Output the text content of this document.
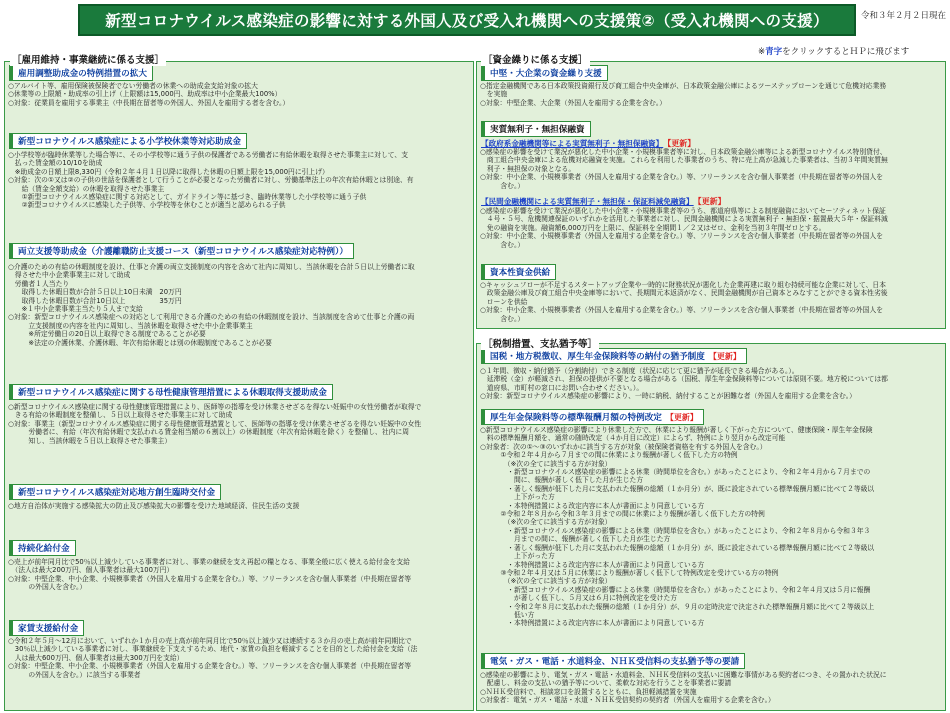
新型コロナウイルス感染症の影響に対する外国人及び受入れ機関への支援策②（受入れ機関への支援）	令和３年２月２日現在
［雇用維持・事業継続に係る支援］
雇用調整助成金の特例措置の拡大
○アルバイト等、雇用保険被保険者でない労働者の休業への助成金支給対象の拡大
○休業等の上限額・助成率の引上げ（上限額は15,000円、助成率は中小企業最大100%）
○対象：従業員を雇用する事業主（中長期在留者等の外国人、外国人を雇用する者を含む。）
新型コロナウイルス感染症による小学校休業等対応助成金
○小学校等が臨時休業等した場合等に、その小学校等に通う子供の保護者である労働者に有給休暇を取得させた事業主に対して、支
　払った賃金額の10/10を助成
　※助成金の日額上限8,330円（令和２年４月１日以降に取得した休暇の日額上限を15,000円に引上げ）
○対象：次の①又は②の子供の世話を保護者として行うことが必要となった労働者に対し、労働基準法上の年次有給休暇とは別途、有
　　給（賃金全額支給）の休暇を取得させた事業主
　　①新型コロナウイルス感染症に関する対応として、ガイドライン等に基づき、臨時休業等した小学校等に通う子供
　　②新型コロナウイルスに感染した子供等、小学校等を休むことが適当と認められる子供
両立支援等助成金（介護離職防止支援コース（新型コロナウイルス感染症対応特例））
○介護のための有給の休暇制度を設け、仕事と介護の両立支援制度の内容を含めて社内に周知し、当該休暇を合計５日以上労働者に取
　得させた中小企業事業主に対して助成
　労働者１人当たり
　　取得した休暇日数が合計５日以上10日未満　20万円
　　取得した休暇日数が合計10日以上　　　　　35万円
　　※１中小企業事業主当たり５人まで支給
○対象：新型コロナウイルス感染症への対応として利用できる介護のための有給の休暇制度を設け、当該制度を含めて仕事と介護の両
　　　立支援制度の内容を社内に周知し、当該休暇を取得させた中小企業事業主
　　　※所定労働日の20日以上取得できる制度であることが必要
　　　※法定の介護休業、介護休暇、年次有給休暇とは別の休暇制度であることが必要
新型コロナウイルス感染症に関する母性健康管理措置による休暇取得支援助成金
○新型コロナウイルス感染症に関する母性健康管理措置により、医師等の指導を受け休業させざるを得ない妊娠中の女性労働者が取得で
　きる有給の休暇制度を整備し、５日以上取得させた事業主に対して助成
○対象：事業主（新型コロナウイルス感染症に関する母性健康管理措置として、医師等の指導を受け休業させざるを得ない妊娠中の女性
　　　労働者に、有給（年次有給休暇で支払われる賃金相当額の６割以上）の休暇制度（年次有給休暇を除く）を整備し、社内に周
　　　知し、当該休暇を５日以上取得させた事業主）
新型コロナウイルス感染症対応地方創生臨時交付金
○地方自治体が実施する感染拡大の防止及び感染拡大の影響を受けた地域経済、住民生活の支援
持続化給付金
○売上が前年同月比で50％以上減少している事業者に対し、事業の継続を支え再起の糧となる、事業全般に広く使える給付金を支給
　（法人は最大200万円、個人事業者は最大100万円）
○対象：中堅企業、中小企業、小規模事業者（外国人を雇用する企業を含む。）等、フリーランスを含む個人事業者（中長期在留者等
　　　の外国人を含む。）
家賃支援給付金
○令和２年５月～12月において、いずれか１か月の売上高が前年同月比で50％以上減少又は連続する３か月の売上高が前年同期比で
　30％以上減少している事業者に対し、事業継続を下支えするため、地代・家賃の負担を軽減することを目的とした給付金を支給（法
　人は最大600万円、個人事業者は最大300万円を支給）
○対象：中堅企業、中小企業、小規模事業者（外国人を雇用する企業を含む。）等、フリーランスを含む個人事業者（中長期在留者等
　　　の外国人を含む。）に該当する事業者
［資金繰りに係る支援］
※青字をクリックするとＨＰに飛びます
中堅・大企業の資金繰り支援
○指定金融機関である日本政策投資銀行及び商工組合中央金庫が、日本政策金融公庫によるツーステップローンを通じて危機対応業務
　を実施
○対象：中堅企業、大企業（外国人を雇用する企業を含む。）
実質無利子・無担保融資
【政府系金融機関等による実質無利子・無担保融資】 【更新】
○感染症の影響を受けて業況が悪化した中小企業・小規模事業者等に対し、日本政策金融公庫等による新型コロナウイルス特別貸付、
　商工組合中央金庫による危機対応融資を実施。これらを利用した事業者のうち、特に売上高が急減した事業者は、当初３年間実質無
　利子・無担保の対象となる。
○対象：中小企業、小規模事業者（外国人を雇用する企業を含む。）等、フリーランスを含む個人事業者（中長期在留者等の外国人を
　　　含む。）
【民間金融機関による実質無利子・無担保・保証料減免融資】 【更新】
○感染症の影響を受けて業況が悪化した中小企業・小規模事業者等のうち、都道府県等による制度融資においてセーフティネット保証
　４号・５号、危機関連保証のいずれかを活用した事業者に対し、民間金融機関による実質無利子・無担保・据置最大５年・保証料減
　免の融資を実施。融資額6,000万円を上限に、保証料を全期間１／２又はゼロ、金利を当初３年間ゼロとする。
○対象：中小企業、小規模事業者（外国人を雇用する企業を含む。）等、フリーランスを含む個人事業者（中長期在留者等の外国人を
　　　含む。）
資本性資金供給
○キャッシュフローが不足するスタートアップ企業や一時的に財務状況が悪化した企業再建に取り組む持続可能な企業に対して、日本
　政策金融公庫及び商工組合中央金庫等において、長期間元本返済がなく、民間金融機関が自己資本とみなすことができる資本性劣後
　ローンを供給
○対象：中小企業、小規模事業者（外国人を雇用する企業を含む。）等、フリーランスを含む個人事業者（中長期在留者等の外国人を
　　　含む。）
［税制措置、支払猶予等］
国税・地方税徴収、厚生年金保険料等の納付の猶予制度 【更新】
○１年間、徴収・納付猶予（分割納付）できる制度（状況に応じて更に猶予が延長できる場合がある。）。
　延滞税（金）が軽減され、担保の提供が不要となる場合がある（国税、厚生年金保険料等については原則不要。地方税については都
　道府県、市町村の窓口にお問い合わせください。）。
○対象：新型コロナウイルス感染症の影響により、一時に納税、納付することが困難な者（外国人を雇用する企業を含む。）
厚生年金保険料等の標準報酬月額の特例改定 【更新】
○新型コロナウイルス感染症の影響により休業した方で、休業により報酬が著しく下がった方について、健康保険・厚生年金保険
　料の標準報酬月額を、通常の随時改定（４か月目に改定）によらず、特例により翌月から改定可能
○対象者：次の①～③のいずれかに該当する方が対象（被保険者資格を有する外国人を含む。）
　　　①令和２年４月から７月までの間に休業により報酬が著しく低下した方の特例
　　　　（※次の全てに該当する方が対象）
　　　　・新型コロナウイルス感染症の影響による休業（時間単位を含む。）があったことにより、令和２年４月から７月までの
　　　　　間に、報酬が著しく低下した月が生じた方
　　　　・著しく報酬が低下した月に支払われた報酬の総額（１か月分）が、既に設定されている標準報酬月額に比べて２等級以
　　　　　上下がった方
　　　　・本特例措置による改定内容に本人が書面により同意している方
　　　②令和２年８月から令和３年３月までの間に休業により報酬が著しく低下した方の特例
　　　　（※次の全てに該当する方が対象）
　　　　・新型コロナウイルス感染症の影響による休業（時間単位を含む。）があったことにより、令和２年８月から令和３年３
　　　　　月までの間に、報酬が著しく低下した月が生じた方
　　　　・著しく報酬が低下した月に支払われた報酬の総額（１か月分）が、既に設定されている標準報酬月額に比べて２等級以
　　　　　上下がった方
　　　　・本特例措置による改定内容に本人が書面により同意している方
　　　③令和２年４月又は５月に休業により報酬が著しく低下して特例改定を受けている方の特例
　　　　（※次の全てに該当する方が対象）
　　　　・新型コロナウイルス感染症の影響による休業（時間単位を含む。）があったことにより、令和２年４月又は５月に報酬
　　　　　が著しく低下し、５月又は６月に特例改定を受けた方
　　　　・令和２年８月に支払われた報酬の総額（１か月分）が、９月の定時決定で決定された標準報酬月額に比べて２等級以上
　　　　　低い方
　　　　・本特例措置による改定内容に本人が書面により同意している方
電気・ガス・電話・水道料金、ＮＨＫ受信料の支払猶予等の要請
○感染症の影響により、電気・ガス・電話・水道料金、ＮＨＫ受信料の支払いに困難な事情がある契約者につき、その置かれた状況に
　配慮し、料金の支払いの猶予等について、柔軟な対応を行うことを事業者に要請
○ＮＨＫ受信料で、相談窓口を設置するとともに、負担軽減措置を実施
○対象者：電気・ガス・電話・水道・ＮＨＫ受信契約の契約者（外国人を雇用する企業を含む。）
